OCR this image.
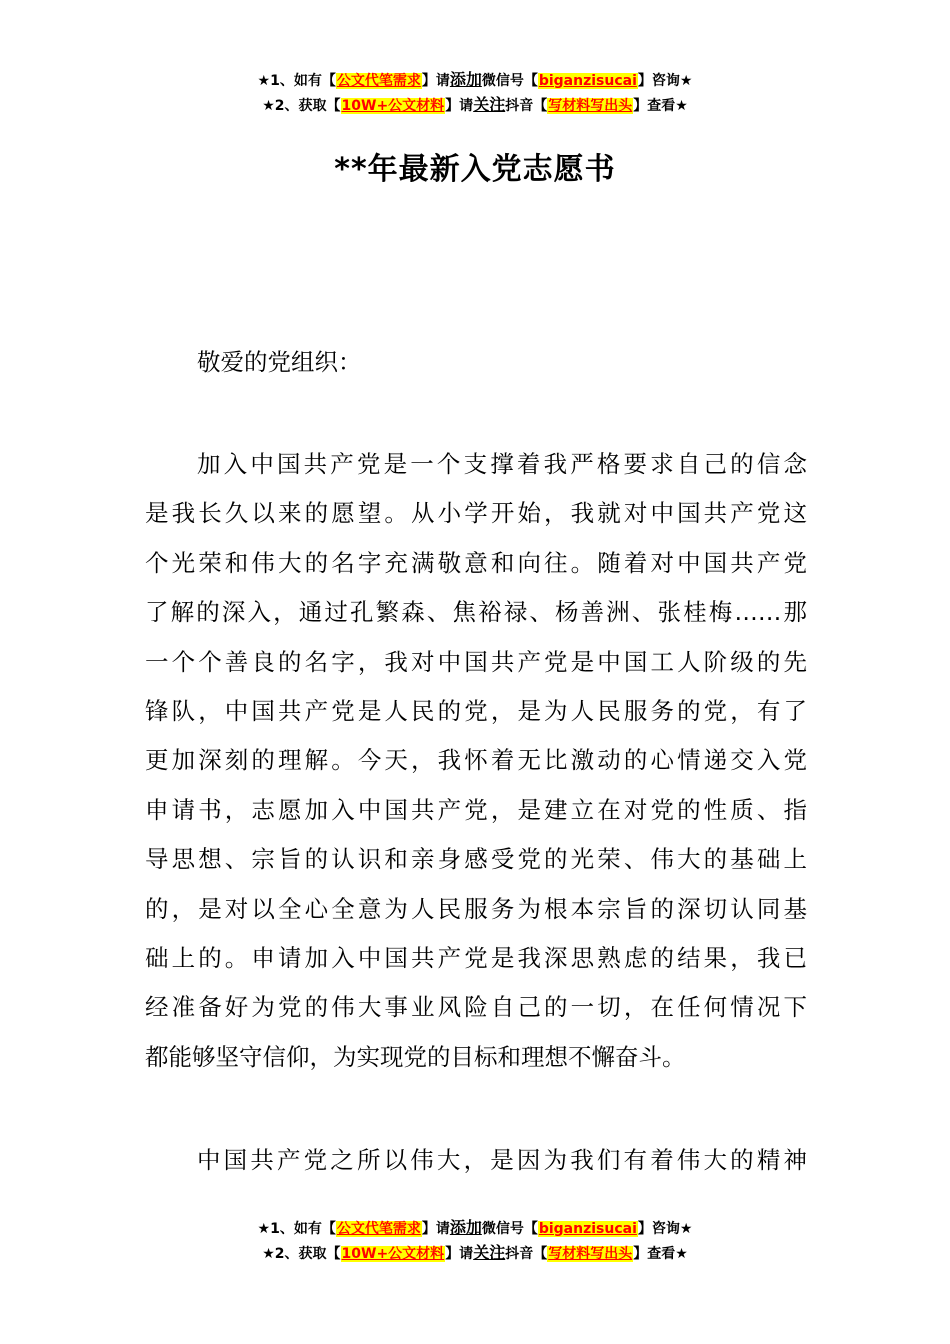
★1、如有【公文代笔需求】请添加微信号【biganzisucai】咨询★
★2、获取【10W+公文材料】请关注抖音【写材料写出头】查看★
**年最新入党志愿书
敬爱的党组织：
加入中国共产党是一个支撑着我严格要求自己的信念
是我长久以来的愿望。从小学开始，我就对中国共产党这
个光荣和伟大的名字充满敬意和向往。随着对中国共产党
了解的深入，通过孔繁森、焦裕禄、杨善洲、张桂梅……那
一个个善良的名字，我对中国共产党是中国工人阶级的先
锋队，中国共产党是人民的党，是为人民服务的党，有了
更加深刻的理解。今天，我怀着无比激动的心情递交入党
申请书，志愿加入中国共产党，是建立在对党的性质、指
导思想、宗旨的认识和亲身感受党的光荣、伟大的基础上
的，是对以全心全意为人民服务为根本宗旨的深切认同基
础上的。申请加入中国共产党是我深思熟虑的结果，我已
经准备好为党的伟大事业风险自己的一切，在任何情况下
都能够坚守信仰，为实现党的目标和理想不懈奋斗。
中国共产党之所以伟大，是因为我们有着伟大的精神
★1、如有【公文代笔需求】请添加微信号【biganzisucai】咨询★
★2、获取【10W+公文材料】请关注抖音【写材料写出头】查看★
